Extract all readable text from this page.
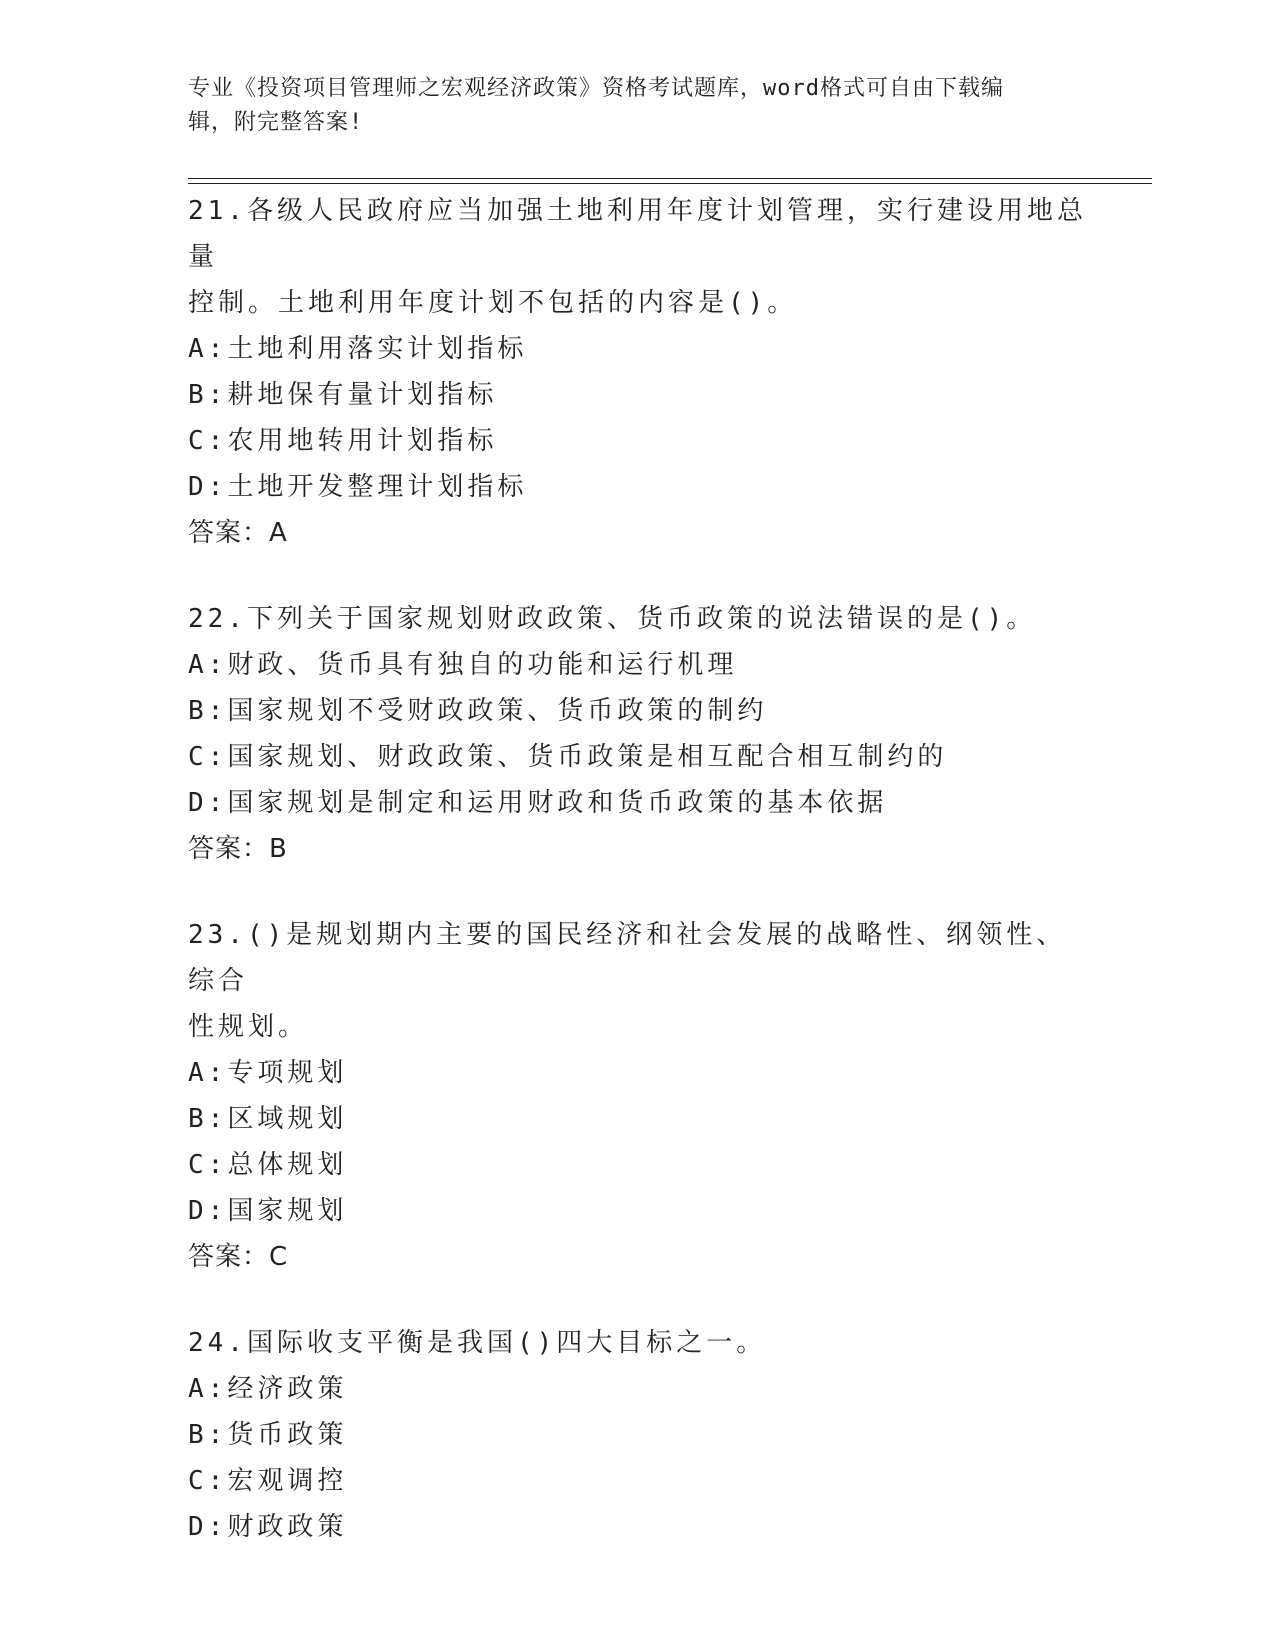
专业《投资项目管理师之宏观经济政策》资格考试题库，word格式可自由下载编
辑，附完整答案!
21.各级人民政府应当加强土地利用年度计划管理，实行建设用地总量
控制。土地利用年度计划不包括的内容是()。
A:土地利用落实计划指标
B:耕地保有量计划指标
C:农用地转用计划指标
D:土地开发整理计划指标
答案：A
22.下列关于国家规划财政政策、货币政策的说法错误的是()。
A:财政、货币具有独自的功能和运行机理
B:国家规划不受财政政策、货币政策的制约
C:国家规划、财政政策、货币政策是相互配合相互制约的
D:国家规划是制定和运用财政和货币政策的基本依据
答案：B
23.()是规划期内主要的国民经济和社会发展的战略性、纲领性、综合
性规划。
A:专项规划
B:区域规划
C:总体规划
D:国家规划
答案：C
24.国际收支平衡是我国()四大目标之一。
A:经济政策
B:货币政策
C:宏观调控
D:财政政策
